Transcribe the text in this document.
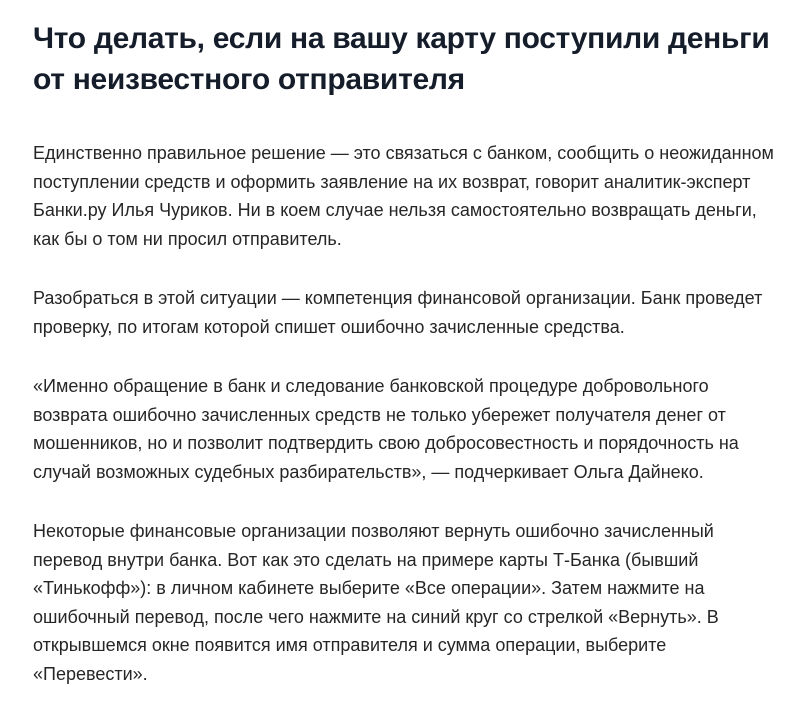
Что делать, если на вашу карту поступили деньги от неизвестного отправителя

Единственно правильное решение — это связаться с банком, сообщить о неожиданном поступлении средств и оформить заявление на их возврат, говорит аналитик-эксперт Банки.ру Илья Чуриков. Ни в коем случае нельзя самостоятельно возвращать деньги, как бы о том ни просил отправитель.

Разобраться в этой ситуации — компетенция финансовой организации. Банк проведет проверку, по итогам которой спишет ошибочно зачисленные средства.

«Именно обращение в банк и следование банковской процедуре добровольного возврата ошибочно зачисленных средств не только убережет получателя денег от мошенников, но и позволит подтвердить свою добросовестность и порядочность на случай возможных судебных разбирательств», — подчеркивает Ольга Дайнеко.

Некоторые финансовые организации позволяют вернуть ошибочно зачисленный перевод внутри банка. Вот как это сделать на примере карты Т-Банка (бывший «Тинькофф»): в личном кабинете выберите «Все операции». Затем нажмите на ошибочный перевод, после чего нажмите на синий круг со стрелкой «Вернуть». В открывшемся окне появится имя отправителя и сумма операции, выберите «Перевести».
